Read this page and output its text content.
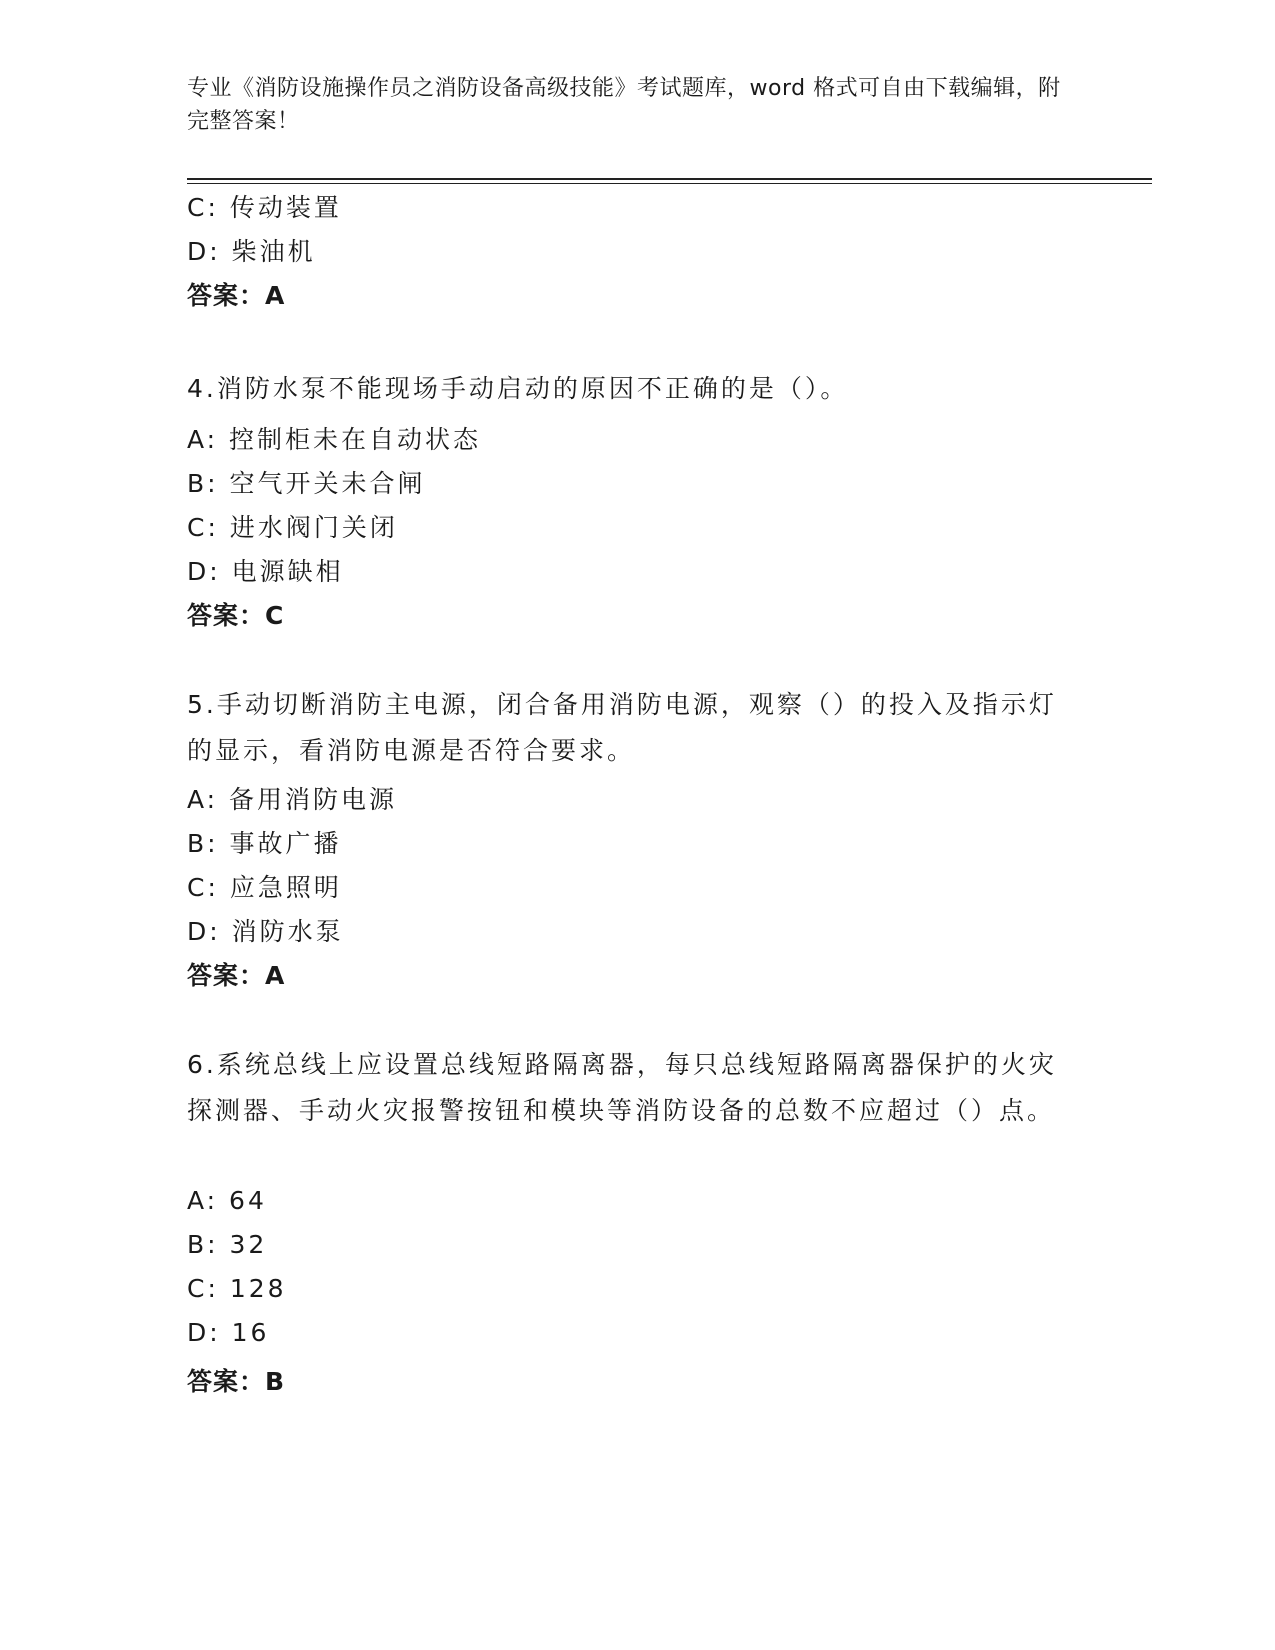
专业《消防设施操作员之消防设备高级技能》考试题库，word 格式可自由下载编辑，附完整答案！
C: 传动装置
D: 柴油机
答案：A
4.消防水泵不能现场手动启动的原因不正确的是（）。
A: 控制柜未在自动状态
B: 空气开关未合闸
C: 进水阀门关闭
D: 电源缺相
答案：C
5.手动切断消防主电源，闭合备用消防电源，观察（）的投入及指示灯的显示，看消防电源是否符合要求。
A: 备用消防电源
B: 事故广播
C: 应急照明
D: 消防水泵
答案：A
6.系统总线上应设置总线短路隔离器，每只总线短路隔离器保护的火灾探测器、手动火灾报警按钮和模块等消防设备的总数不应超过（）点。
A: 64
B: 32
C: 128
D: 16
答案：B
